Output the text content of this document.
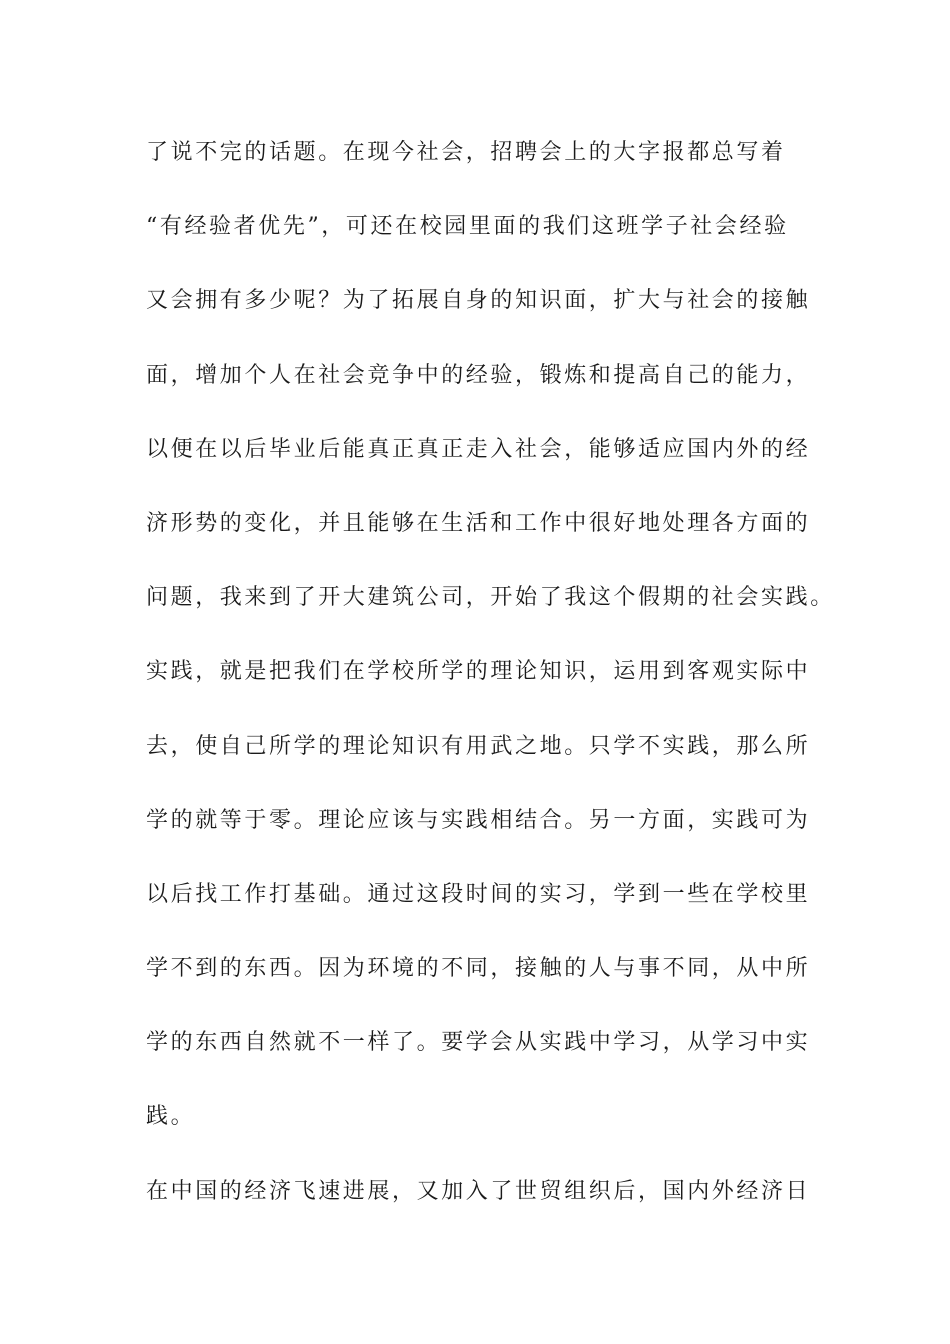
了说不完的话题。在现今社会，招聘会上的大字报都总写着
“有经验者优先”，可还在校园里面的我们这班学子社会经验
又会拥有多少呢？为了拓展自身的知识面，扩大与社会的接触
面，增加个人在社会竞争中的经验，锻炼和提高自己的能力，
以便在以后毕业后能真正真正走入社会，能够适应国内外的经
济形势的变化，并且能够在生活和工作中很好地处理各方面的
问题，我来到了开大建筑公司，开始了我这个假期的社会实践。
实践，就是把我们在学校所学的理论知识，运用到客观实际中
去，使自己所学的理论知识有用武之地。只学不实践，那么所
学的就等于零。理论应该与实践相结合。另一方面，实践可为
以后找工作打基础。通过这段时间的实习，学到一些在学校里
学不到的东西。因为环境的不同，接触的人与事不同，从中所
学的东西自然就不一样了。要学会从实践中学习，从学习中实
践。
在中国的经济飞速进展，又加入了世贸组织后，国内外经济日
